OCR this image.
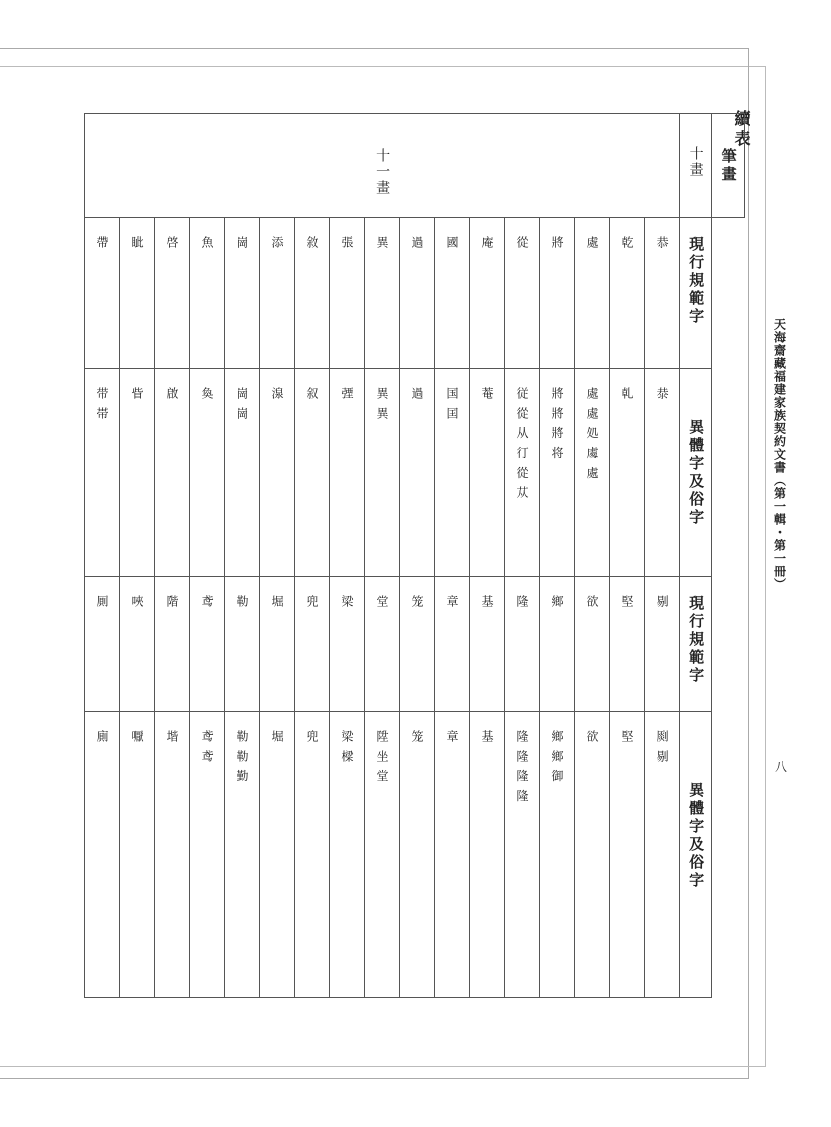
續表
天海齋藏福建家族契約文書（第一輯・第一冊）
八
十一畫																	十畫	筆畫
帶	眦	啓	魚	崗	添	敘	張	異	過	國	庵	從	將	處	乾	恭	現行規範字	
带 帯	眥	啟	奐	崗 崗	湶	叙	㢾	異 異	過	国 囯	菴	従 從 从 㣔 從 苁	將 將 將 将	處 處 処 䖏 處	乹	㳟	異體字及俗字	
厠	唊	階	鸢	勒	堀	兜	梁	堂	笼	章	基	隆	鄉	欲	堅	剔	現行規範字	
廁	嚈	堦	鸢 鸢	勒 勒 勤	堀	兜	梁 樑	陞 坐 堂	笼	章	基	隆 隆 隆 隆	鄉 鄉 御	欲	堅	㓹 剔	異體字及俗字	
